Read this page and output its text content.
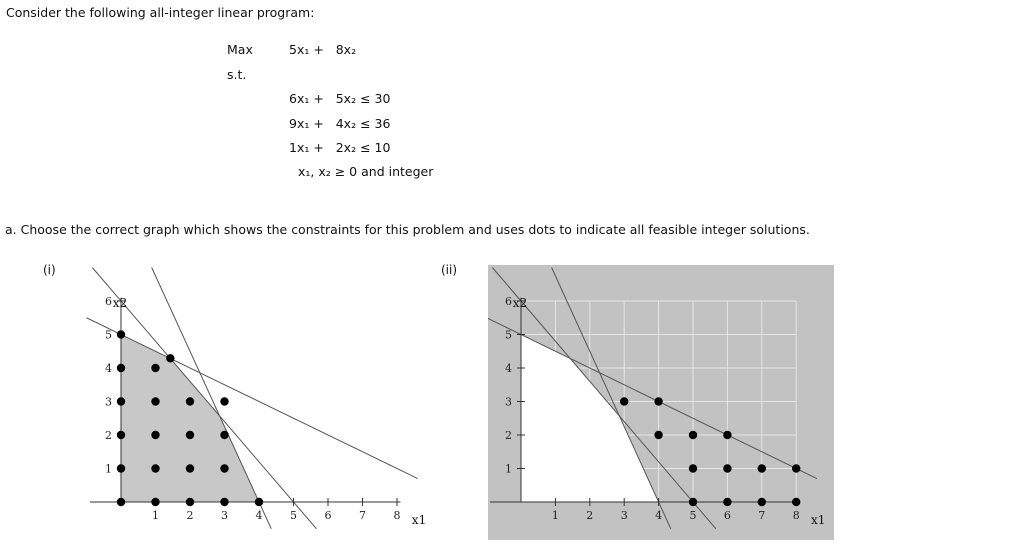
Consider the following all-integer linear program:
Max	5x₁ +   8x₂
s.t.
6x₁ +   5x₂ ≤ 30
9x₁ +   4x₂ ≤ 36
1x₁ +   2x₂ ≤ 10
x₁, x₂ ≥ 0 and integer
a. Choose the correct graph which shows the constraints for this problem and uses dots to indicate all feasible integer solutions.
(i)	(ii)
1	2	3	4	5	6	7	8
1
2
3
4
5
6
x1
x2
1 2 3 4 5 6 7 8
1
2
3
4
5
6
x1
x2
